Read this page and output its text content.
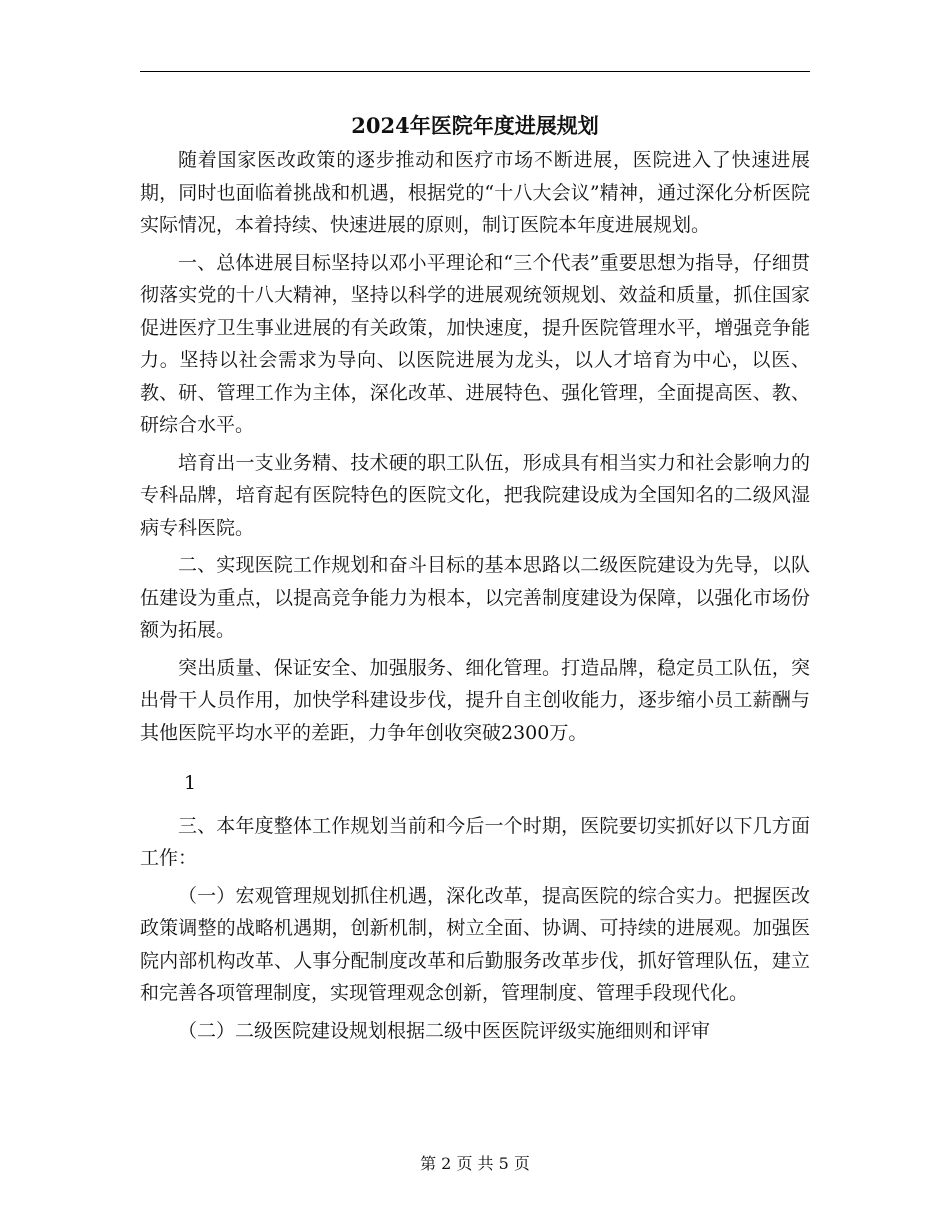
2024年医院年度进展规划

随着国家医改政策的逐步推动和医疗市场不断进展，医院进入了快速进展期，同时也面临着挑战和机遇，根据党的“十八大会议”精神，通过深化分析医院实际情况，本着持续、快速进展的原则，制订医院本年度进展规划。

一、总体进展目标坚持以邓小平理论和“三个代表”重要思想为指导，仔细贯彻落实党的十八大精神，坚持以科学的进展观统领规划、效益和质量，抓住国家促进医疗卫生事业进展的有关政策，加快速度，提升医院管理水平，增强竞争能力。坚持以社会需求为导向、以医院进展为龙头，以人才培育为中心，以医、教、研、管理工作为主体，深化改革、进展特色、强化管理，全面提高医、教、研综合水平。

培育出一支业务精、技术硬的职工队伍，形成具有相当实力和社会影响力的专科品牌，培育起有医院特色的医院文化，把我院建设成为全国知名的二级风湿病专科医院。

二、实现医院工作规划和奋斗目标的基本思路以二级医院建设为先导，以队伍建设为重点，以提高竞争能力为根本，以完善制度建设为保障，以强化市场份额为拓展。

突出质量、保证安全、加强服务、细化管理。打造品牌，稳定员工队伍，突出骨干人员作用，加快学科建设步伐，提升自主创收能力，逐步缩小员工薪酬与其他医院平均水平的差距，力争年创收突破2300万。

1

三、本年度整体工作规划当前和今后一个时期，医院要切实抓好以下几方面工作：

（一）宏观管理规划抓住机遇，深化改革，提高医院的综合实力。把握医改政策调整的战略机遇期，创新机制，树立全面、协调、可持续的进展观。加强医院内部机构改革、人事分配制度改革和后勤服务改革步伐，抓好管理队伍，建立和完善各项管理制度，实现管理观念创新，管理制度、管理手段现代化。

（二）二级医院建设规划根据二级中医医院评级实施细则和评审

第 2 页 共 5 页
